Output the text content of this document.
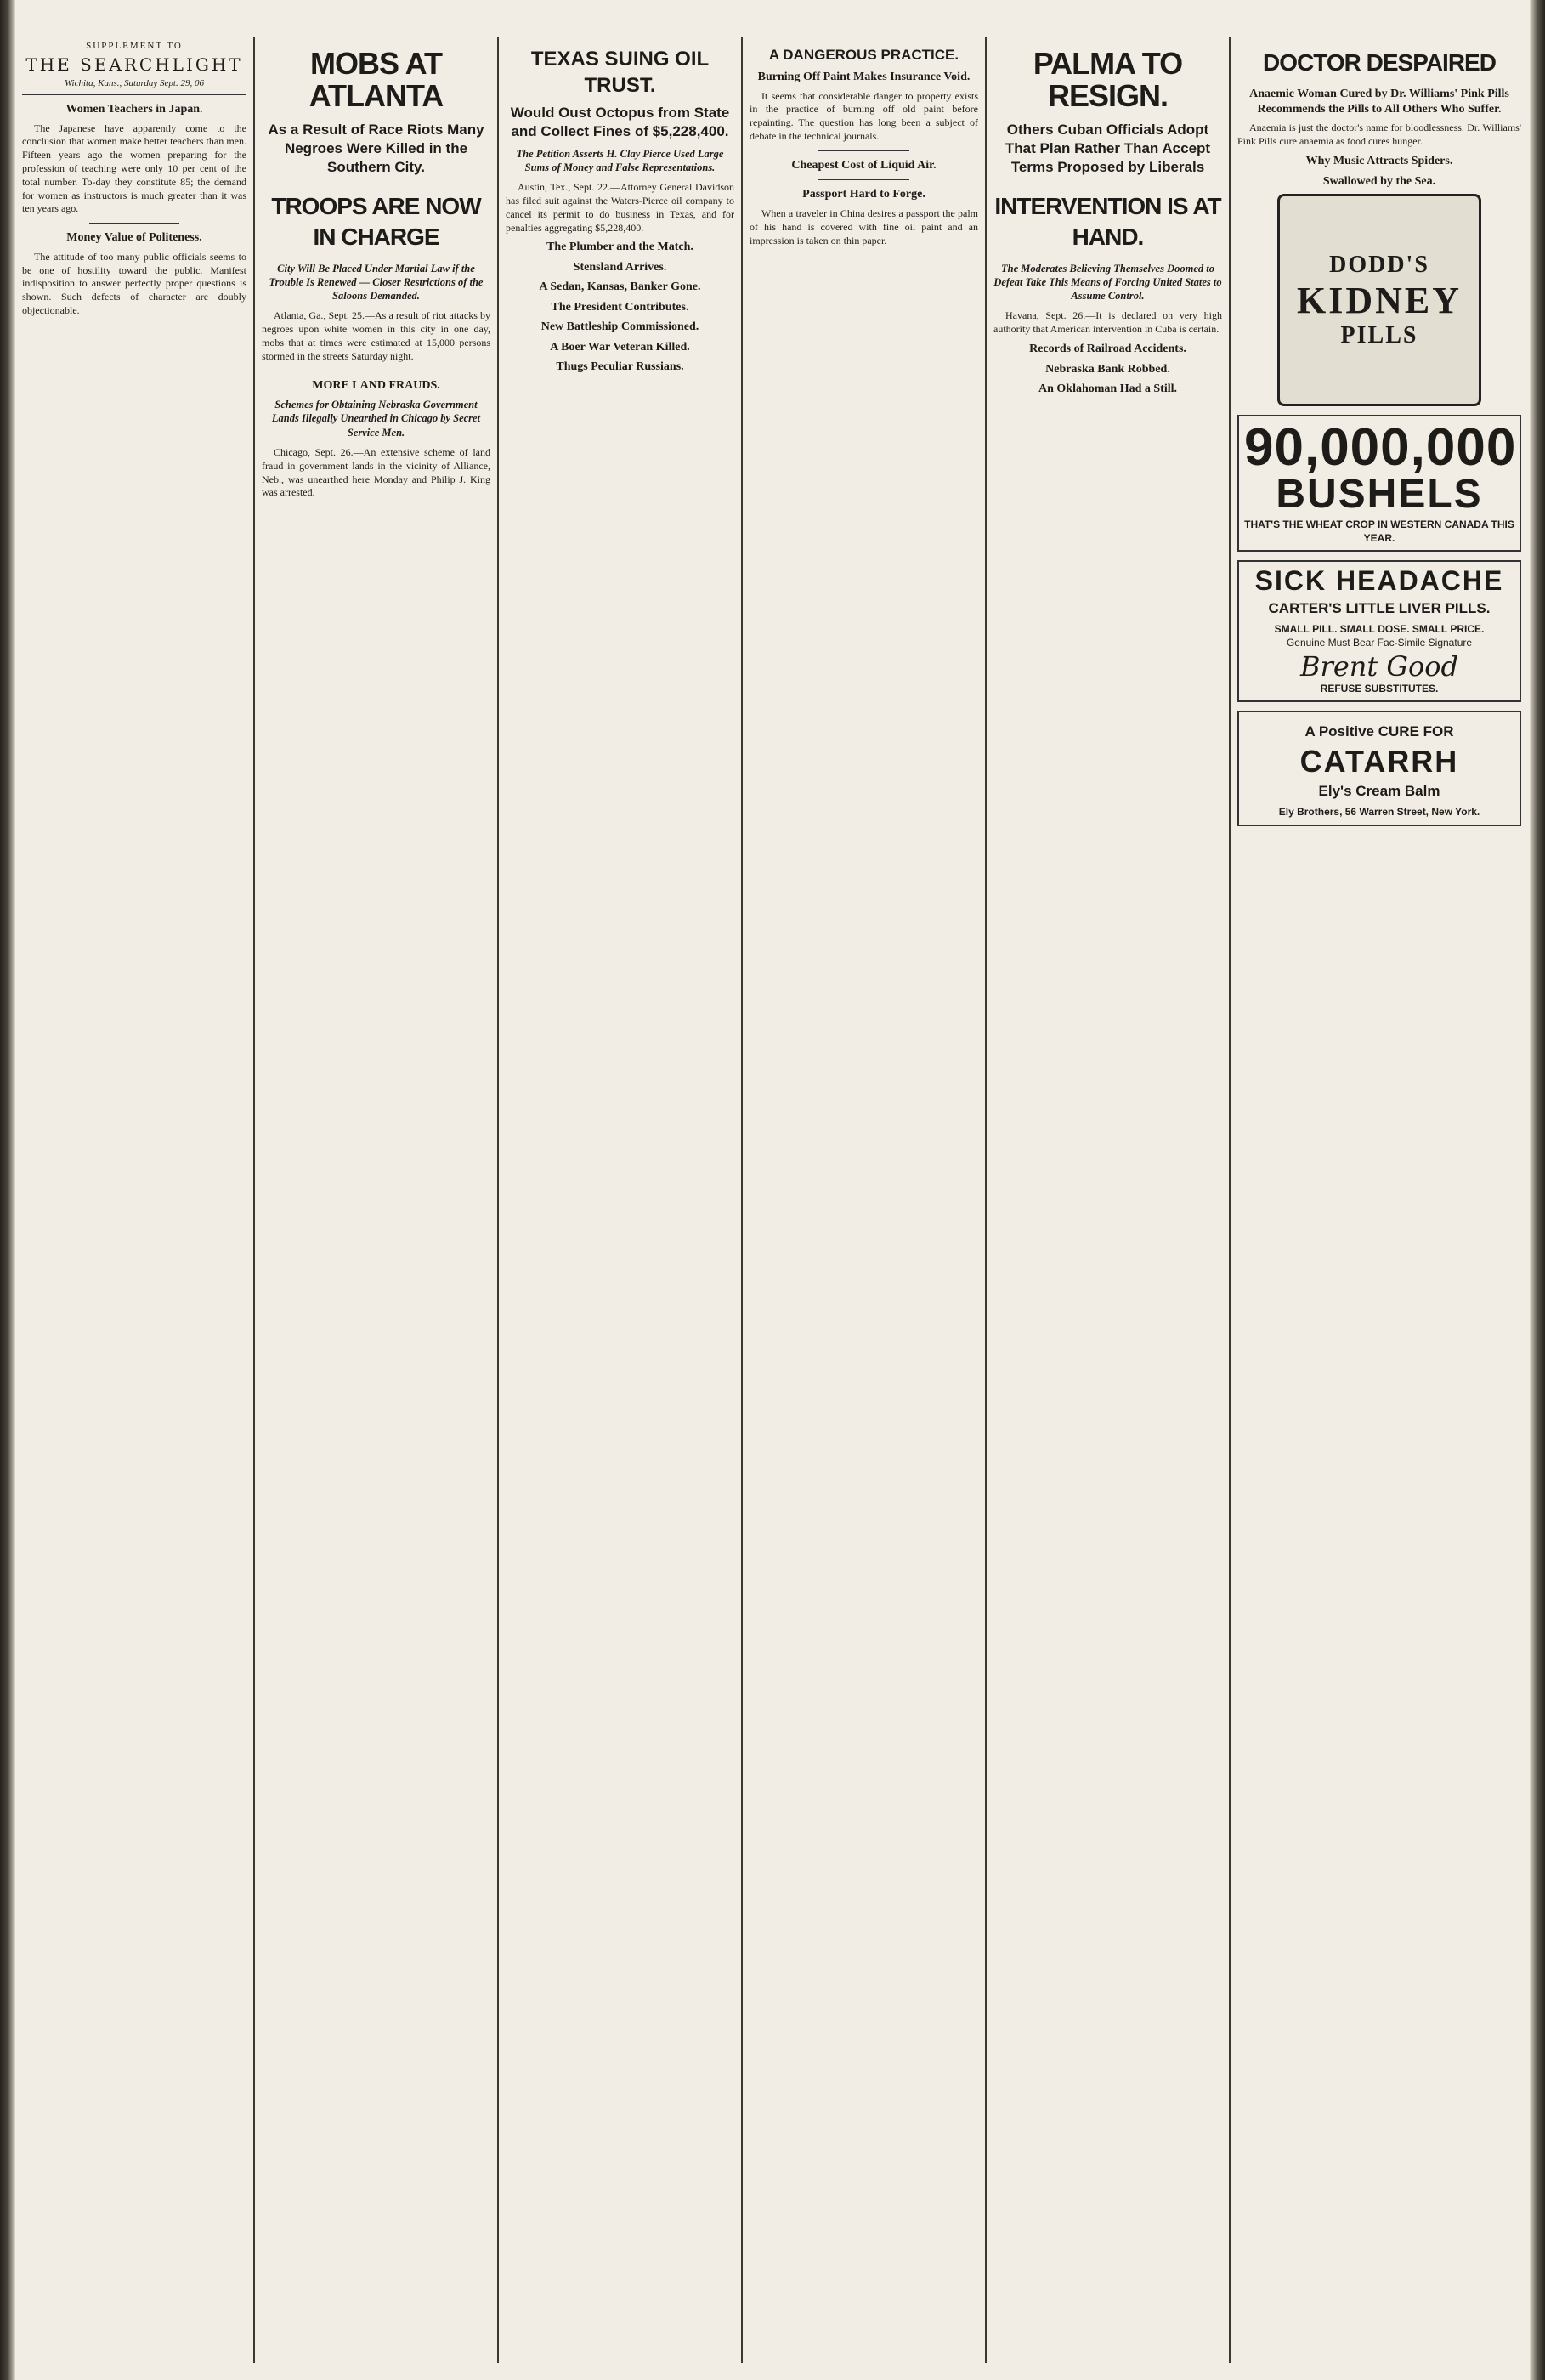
SUPPLEMENT TO
THE SEARCHLIGHT
Wichita, Kans., Saturday Sept. 29, 06
Women Teachers in Japan.

The Japanese have apparently come to the conclusion that women make better teachers than men. Fifteen years ago the women preparing for the profession of teaching were only 10 per cent of the total number. To-day they constitute 85; the demand for women as instructors is much greater than it was ten years ago.

Money Value of Politeness.

The attitude of too many public officials seems to be one of hostility toward the public. Manifest indisposition to answer perfectly proper questions is shown. Such defects of character are doubly objectionable.

MOBS AT ATLANTA
As a Result of Race Riots Many Negroes Were Killed in the Southern City.
TROOPS ARE NOW IN CHARGE
City Will Be Placed Under Martial Law if the Trouble Is Renewed — Closer Restrictions of the Saloons Demanded.

Atlanta, Ga., Sept. 25.—As a result of riot attacks by negroes upon white women in this city in one day, mobs that at times were estimated at 15,000 persons stormed in the streets Saturday night.

MORE LAND FRAUDS.
Schemes for Obtaining Nebraska Government Lands Illegally Unearthed in Chicago by Secret Service Men.

Chicago, Sept. 26.—An extensive scheme of land fraud in government lands in the vicinity of Alliance, Neb., was unearthed here Monday and Philip J. King was arrested.

TEXAS SUING OIL TRUST.
Would Oust Octopus from State and Collect Fines of $5,228,400.
The Petition Asserts H. Clay Pierce Used Large Sums of Money and False Representations.

Austin, Tex., Sept. 22.—Attorney General Davidson has filed suit against the Waters-Pierce oil company to cancel its permit to do business in Texas, and for penalties aggregating $5,228,400.

The Plumber and the Match.
Stensland Arrives.
A Sedan, Kansas, Banker Gone.
The President Contributes.
New Battleship Commissioned.
A Boer War Veteran Killed.
Thugs Peculiar Russians.
A DANGEROUS PRACTICE.
Burning Off Paint Makes Insurance Void.

It seems that considerable danger to property exists in the practice of burning off old paint before repainting. The question has long been a subject of debate in the technical journals.

Cheapest Cost of Liquid Air.
Passport Hard to Forge.

When a traveler in China desires a passport the palm of his hand is covered with fine oil paint and an impression is taken on thin paper.

PALMA TO RESIGN.
Others Cuban Officials Adopt That Plan Rather Than Accept Terms Proposed by Liberals
INTERVENTION IS AT HAND.
The Moderates Believing Themselves Doomed to Defeat Take This Means of Forcing United States to Assume Control.

Havana, Sept. 26.—It is declared on very high authority that American intervention in Cuba is certain.

Records of Railroad Accidents.
Nebraska Bank Robbed.
An Oklahoman Had a Still.
DOCTOR DESPAIRED
Anaemic Woman Cured by Dr. Williams' Pink Pills Recommends the Pills to All Others Who Suffer.

Anaemia is just the doctor's name for bloodlessness. Dr. Williams' Pink Pills cure anaemia as food cures hunger.

Why Music Attracts Spiders.
Swallowed by the Sea.
DODD'S
KIDNEY
PILLS
90,000,000
BUSHELS
THAT'S THE WHEAT CROP IN WESTERN CANADA THIS YEAR.
SICK HEADACHE
CARTER'S LITTLE LIVER PILLS.
SMALL PILL. SMALL DOSE. SMALL PRICE.
Genuine Must Bear Fac-Simile Signature
Brent Good
REFUSE SUBSTITUTES.
A Positive CURE FOR
CATARRH
Ely's Cream Balm
Ely Brothers, 56 Warren Street, New York.
